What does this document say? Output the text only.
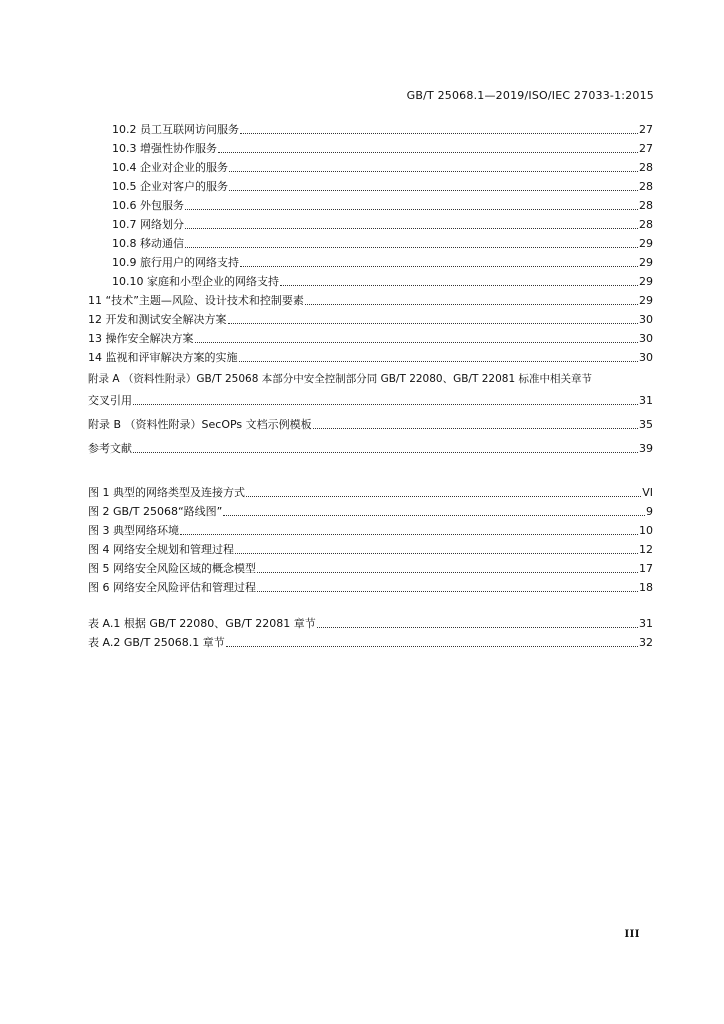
GB/T 25068.1—2019/ISO/IEC 27033-1:2015
10.2 员工互联网访问服务	27
10.3 增强性协作服务	27
10.4 企业对企业的服务	28
10.5 企业对客户的服务	28
10.6 外包服务	28
10.7 网络划分	28
10.8 移动通信	29
10.9 旅行用户的网络支持	29
10.10 家庭和小型企业的网络支持	29
11 “技术”主题—风险、设计技术和控制要素	29
12 开发和测试安全解决方案	30
13 操作安全解决方案	30
14 监视和评审解决方案的实施	30
附录 A （资料性附录）GB/T 25068 本部分中安全控制部分同 GB/T 22080、GB/T 22081 标准中相关章节
交叉引用	31
附录 B （资料性附录）SecOPs 文档示例模板	35
参考文献	39
图 1 典型的网络类型及连接方式	VI
图 2 GB/T 25068“路线图”	9
图 3 典型网络环境	10
图 4 网络安全规划和管理过程	12
图 5 网络安全风险区域的概念模型	17
图 6 网络安全风险评估和管理过程	18
表 A.1 根据 GB/T 22080、GB/T 22081 章节	31
表 A.2 GB/T 25068.1 章节	32
III
